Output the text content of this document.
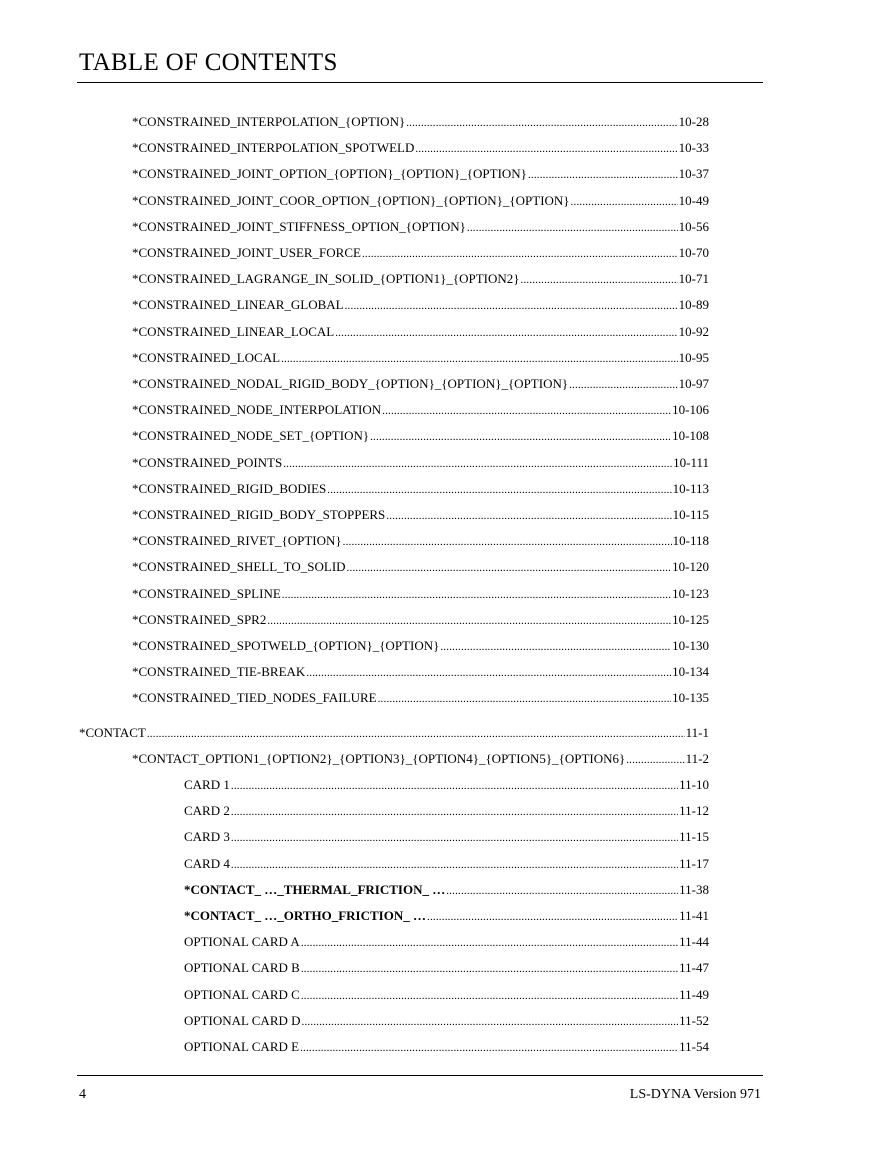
TABLE OF CONTENTS
*CONSTRAINED_INTERPOLATION_{OPTION} .....	10-28
*CONSTRAINED_INTERPOLATION_SPOTWELD .....	10-33
*CONSTRAINED_JOINT_OPTION_{OPTION}_{OPTION}_{OPTION} .....	10-37
*CONSTRAINED_JOINT_COOR_OPTION_{OPTION}_{OPTION}_{OPTION} .....	10-49
*CONSTRAINED_JOINT_STIFFNESS_OPTION_{OPTION} .....	10-56
*CONSTRAINED_JOINT_USER_FORCE .....	10-70
*CONSTRAINED_LAGRANGE_IN_SOLID_{OPTION1}_{OPTION2} .....	10-71
*CONSTRAINED_LINEAR_GLOBAL .....	10-89
*CONSTRAINED_LINEAR_LOCAL .....	10-92
*CONSTRAINED_LOCAL .....	10-95
*CONSTRAINED_NODAL_RIGID_BODY_{OPTION}_{OPTION}_{OPTION} .....	10-97
*CONSTRAINED_NODE_INTERPOLATION .....	10-106
*CONSTRAINED_NODE_SET_{OPTION} .....	10-108
*CONSTRAINED_POINTS .....	10-111
*CONSTRAINED_RIGID_BODIES .....	10-113
*CONSTRAINED_RIGID_BODY_STOPPERS .....	10-115
*CONSTRAINED_RIVET_{OPTION} .....	10-118
*CONSTRAINED_SHELL_TO_SOLID .....	10-120
*CONSTRAINED_SPLINE .....	10-123
*CONSTRAINED_SPR2 .....	10-125
*CONSTRAINED_SPOTWELD_{OPTION}_{OPTION} .....	10-130
*CONSTRAINED_TIE-BREAK .....	10-134
*CONSTRAINED_TIED_NODES_FAILURE .....	10-135
*CONTACT .....	11-1
*CONTACT_OPTION1_{OPTION2}_{OPTION3}_{OPTION4}_{OPTION5}_{OPTION6} .....	11-2
CARD 1 .....	11-10
CARD 2 .....	11-12
CARD 3 .....	11-15
CARD 4 .....	11-17
*CONTACT_ …_THERMAL_FRICTION_ … .....	11-38
*CONTACT_ …_ORTHO_FRICTION_ … .....	11-41
OPTIONAL CARD A .....	11-44
OPTIONAL CARD B .....	11-47
OPTIONAL CARD C .....	11-49
OPTIONAL CARD D .....	11-52
OPTIONAL CARD E .....	11-54
4	LS-DYNA Version 971
